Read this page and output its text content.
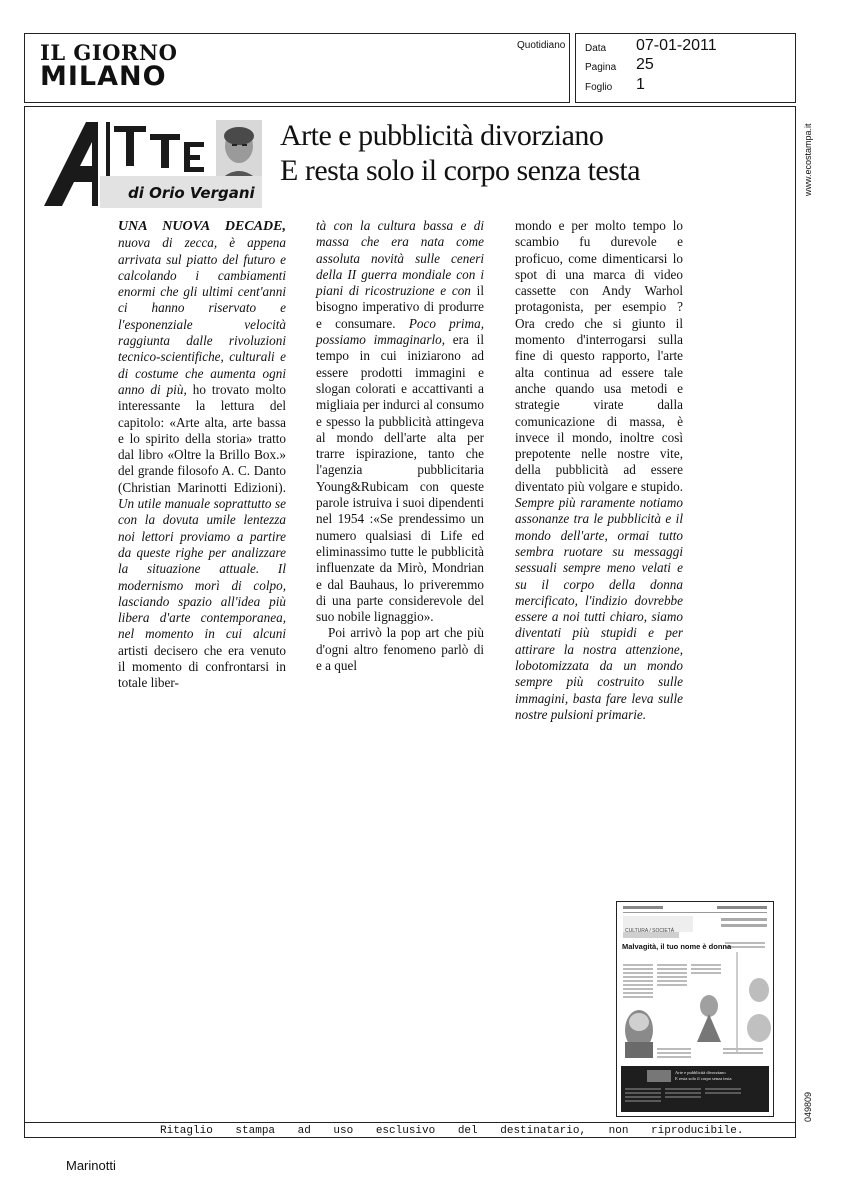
IL GIORNO
MILANO
Quotidiano Data 07-01-2011
Pagina 25
Foglio 1
www.ecostampa.it
049809
di Orio Vergani
Arte e pubblicità divorziano
E resta solo il corpo senza testa

UNA NUOVA DECADE, nuova di zecca, è appena arrivata sul piatto del futuro e calcolando i cambiamenti enormi che gli ultimi cent'anni ci hanno riservato e l'esponenziale velocità raggiunta dalle rivoluzioni tecnico-scientifiche, culturali e di costume che aumenta ogni anno di più, ho trovato molto interessante la lettura del capitolo: «Arte alta, arte bassa e lo spirito della storia» tratto dal libro «Oltre la Brillo Box.» del grande filosofo A. C. Danto (Christian Marinotti Edizioni). Un utile manuale soprattutto se con la dovuta umile lentezza noi lettori proviamo a partire da queste righe per analizzare la situazione attuale. Il modernismo morì di colpo, lasciando spazio all'idea più libera d'arte contemporanea, nel momento in cui alcuni artisti decisero che era venuto il momento di confrontarsi in totale liber-

tà con la cultura bassa e di massa che era nata come assoluta novità sulle ceneri della II guerra mondiale con i piani di ricostruzione e con il bisogno imperativo di produrre e consumare. Poco prima, possiamo immaginarlo, era il tempo in cui iniziarono ad essere prodotti immagini e slogan colorati e accattivanti a migliaia per indurci al consumo e spesso la pubblicità attingeva al mondo dell'arte alta per trarre ispirazione, tanto che l'agenzia pubblicitaria Young&Rubicam con queste parole istruiva i suoi dipendenti nel 1954 :«Se prendessimo un numero qualsiasi di Life ed eliminassimo tutte le pubblicità influenzate da Mirò, Mondrian e dal Bauhaus, lo priveremmo di una parte considerevole del suo nobile lignaggio».

Poi arrivò la pop art che più d'ogni altro fenomeno parlò di e a quel

mondo e per molto tempo lo scambio fu durevole e proficuo, come dimenticarsi lo spot di una marca di video cassette con Andy Warhol protagonista, per esempio ? Ora credo che si giunto il momento d'interrogarsi sulla fine di questo rapporto, l'arte alta continua ad essere tale anche quando usa metodi e strategie virate dalla comunicazione di massa, è invece il mondo, inoltre così prepotente nelle nostre vite, della pubblicità ad essere diventato più volgare e stupido. Sempre più raramente notiamo assonanze tra le pubblicità e il mondo dell'arte, ormai tutto sembra ruotare su messaggi sessuali sempre meno velati e su il corpo della donna mercificato, l'indizio dovrebbe essere a noi tutti chiaro, siamo diventati più stupidi e per attirare la nostra attenzione, lobotomizzata da un mondo sempre più costruito sulle immagini, basta fare leva sulle nostre pulsioni primarie.

CULTURA / SOCIETÀ
Malvagità, il tuo nome è donna
Arte e pubblicità divorziano
E resta solo il corpo senza testa
Ritaglio stampa ad uso esclusivo del destinatario, non riproducibile.
Marinotti
